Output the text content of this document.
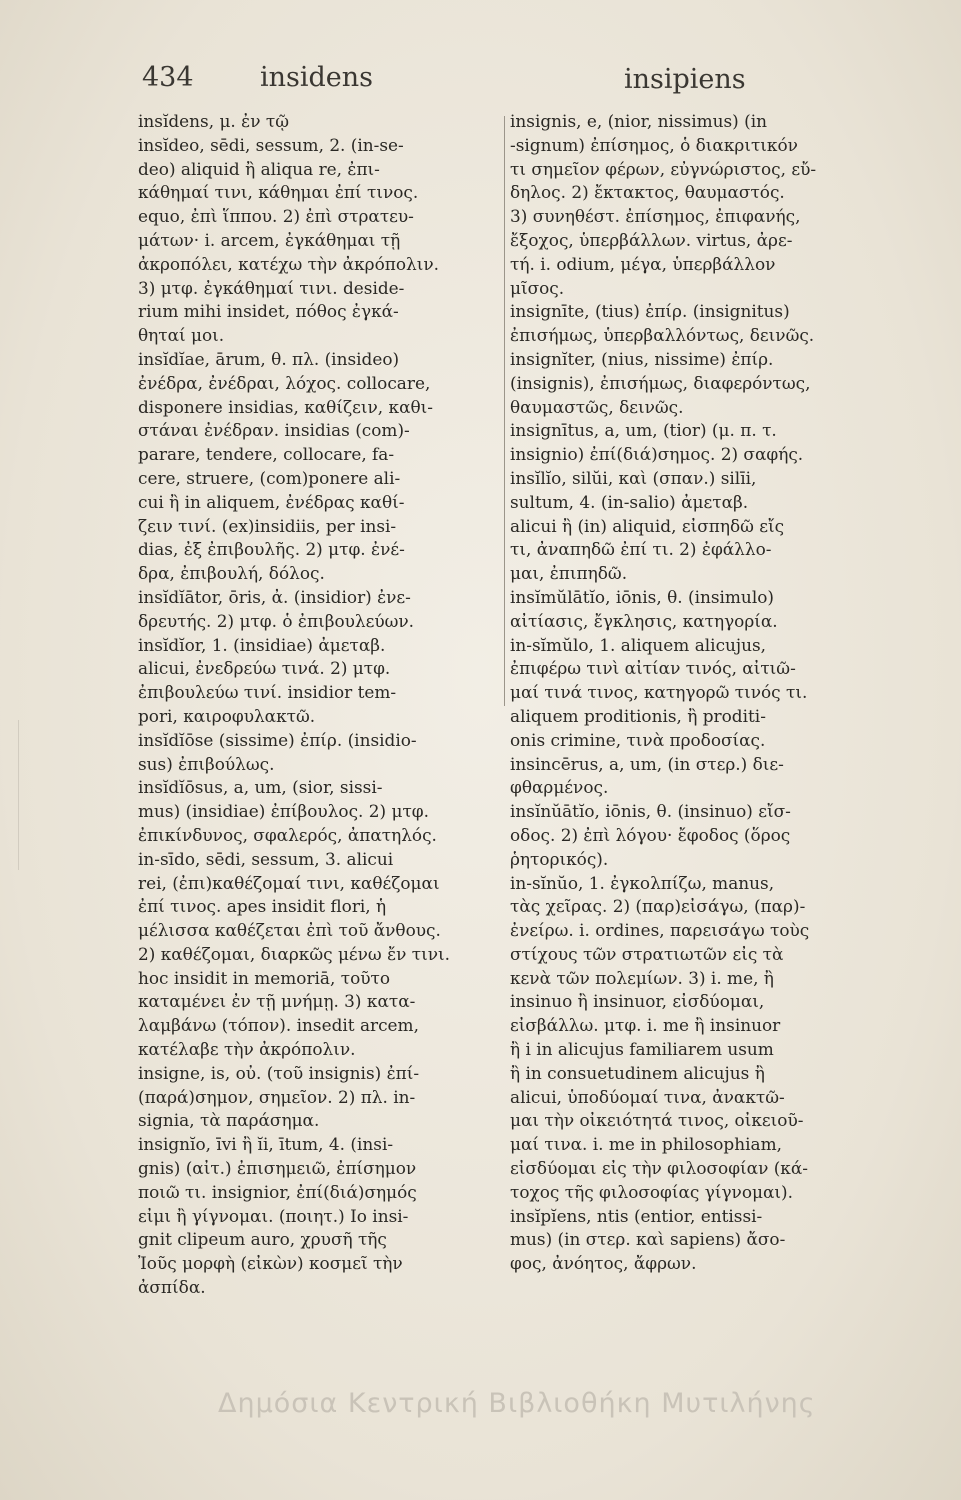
434 insidens	insipiens
insĭdens, μ. ἐν τῷ
insĭdeo, sēdi, sessum, 2. (in-se-
deo) aliquid ἢ aliqua re, ἐπι-
κάθημαί τινι, κάθημαι ἐπί τινος.
equo, ἐπὶ ἵππου. 2) ἐπὶ στρατευ-
μάτων· i. arcem, ἐγκάθημαι τῇ
ἀκροπόλει, κατέχω τὴν ἀκρόπολιν.
3) μτφ. ἐγκάθημαί τινι. deside-
rium mihi insidet, πόθος ἐγκά-
θηταί μοι.
insĭdĭae, ārum, θ. πλ. (insideo)
ἐνέδρα, ἐνέδραι, λόχος. collocare,
disponere insidias, καθίζειν, καθι-
στάναι ἐνέδραν. insidias (com)-
parare, tendere, collocare, fa-
cere, struere, (com)ponere ali-
cui ἢ in aliquem, ἐνέδρας καθί-
ζειν τινί. (ex)insidiis, per insi-
dias, ἐξ ἐπιβουλῆς. 2) μτφ. ἐνέ-
δρα, ἐπιβουλή, δόλος.
insĭdĭātor, ōris, ἀ. (insidior) ἐνε-
δρευτής. 2) μτφ. ὁ ἐπιβουλεύων.
insĭdĭor, 1. (insidiae) ἀμεταβ.
alicui, ἐνεδρεύω τινά. 2) μτφ.
ἐπιβουλεύω τινί. insidior tem-
pori, καιροφυλακτῶ.
insĭdĭōse (sissime) ἐπίρ. (insidio-
sus) ἐπιβούλως.
insĭdĭōsus, a, um, (sior, sissi-
mus) (insidiae) ἐπίβουλος. 2) μτφ.
ἐπικίνδυνος, σφαλερός, ἀπατηλός.
in-sīdo, sēdi, sessum, 3. alicui
rei, (ἐπι)καθέζομαί τινι, καθέζομαι
ἐπί τινος. apes insidit flori, ἡ
μέλισσα καθέζεται ἐπὶ τοῦ ἄνθους.
2) καθέζομαι, διαρκῶς μένω ἔν τινι.
hoc insidit in memoriā, τοῦτο
καταμένει ἐν τῇ μνήμῃ. 3) κατα-
λαμβάνω (τόπον). insedit arcem,
κατέλαβε τὴν ἀκρόπολιν.
insigne, is, οὐ. (τοῦ insignis) ἐπί-
(παρά)σημον, σημεῖον. 2) πλ. in-
signia, τὰ παράσημα.
insignĭo, īvi ἢ ĭi, ītum, 4. (insi-
gnis) (αἰτ.) ἐπισημειῶ, ἐπίσημον
ποιῶ τι. insignior, ἐπί(διά)σημός
εἰμι ἢ γίγνομαι. (ποιητ.) Io insi-
gnit clipeum auro, χρυσῆ τῆς
Ἰοῦς μορφὴ (εἰκὼν) κοσμεῖ τὴν
ἀσπίδα.
insignis, e, (nior, nissimus) (in
-signum) ἐπίσημος, ὁ διακριτικόν
τι σημεῖον φέρων, εὐγνώριστος, εὔ-
δηλος. 2) ἔκτακτος, θαυμαστός.
3) συνηθέστ. ἐπίσημος, ἐπιφανής,
ἔξοχος, ὑπερβάλλων. virtus, ἀρε-
τή. i. odium, μέγα, ὑπερβάλλον
μῖσος.
insignīte, (tius) ἐπίρ. (insignitus)
ἐπισήμως, ὑπερβαλλόντως, δεινῶς.
insignĭter, (nius, nissime) ἐπίρ.
(insignis), ἐπισήμως, διαφερόντως,
θαυμαστῶς, δεινῶς.
insignītus, a, um, (tior) (μ. π. τ.
insignio) ἐπί(διά)σημος. 2) σαφής.
insĭlĭo, silŭi, καὶ (σπαν.) silīi,
sultum, 4. (in-salio) ἀμεταβ.
alicui ἢ (in) aliquid, εἰσπηδῶ εἴς
τι, ἀναπηδῶ ἐπί τι. 2) ἐφάλλο-
μαι, ἐπιπηδῶ.
insĭmŭlātĭo, iōnis, θ. (insimulo)
αἰτίασις, ἔγκλησις, κατηγορία.
in-sĭmŭlo, 1. aliquem alicujus,
ἐπιφέρω τινὶ αἰτίαν τινός, αἰτιῶ-
μαί τινά τινος, κατηγορῶ τινός τι.
aliquem proditionis, ἢ proditi-
onis crimine, τινὰ προδοσίας.
insincērus, a, um, (in στερ.) διε-
φθαρμένος.
insĭnŭātĭo, iōnis, θ. (insinuo) εἴσ-
οδος. 2) ἐπὶ λόγου· ἔφοδος (ὅρος
ῥητορικός).
in-sĭnŭo, 1. ἐγκολπίζω, manus,
τὰς χεῖρας. 2) (παρ)εἰσάγω, (παρ)-
ἐνείρω. i. ordines, παρεισάγω τοὺς
στίχους τῶν στρατιωτῶν εἰς τὰ
κενὰ τῶν πολεμίων. 3) i. me, ἢ
insinuo ἢ insinuor, εἰσδύομαι,
εἰσβάλλω. μτφ. i. me ἢ insinuor
ἢ i in alicujus familiarem usum
ἢ in consuetudinem alicujus ἢ
alicui, ὑποδύομαί τινα, ἀνακτῶ-
μαι τὴν οἰκειότητά τινος, οἰκειοῦ-
μαί τινα. i. me in philosophiam,
εἰσδύομαι εἰς τὴν φιλοσοφίαν (κά-
τοχος τῆς φιλοσοφίας γίγνομαι).
insĭpĭens, ntis (entior, entissi-
mus) (in στερ. καὶ sapiens) ἄσο-
φος, ἀνόητος, ἄφρων.
Δημόσια Κεντρική Βιβλιοθήκη Μυτιλήνης
